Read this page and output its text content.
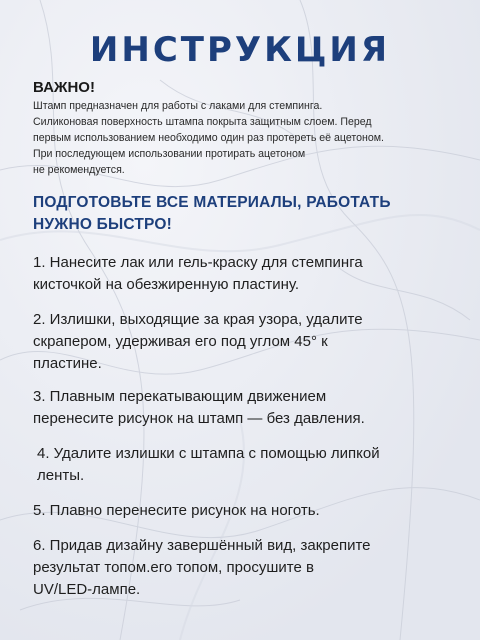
ИНСТРУКЦИЯ
ВАЖНО!
Штамп предназначен для работы с лаками для стемпинга.
Силиконовая поверхность штампа покрыта защитным слоем. Перед
первым использованием необходимо один раз протереть её ацетоном.
При последующем использовании протирать ацетоном
не рекомендуется.
ПОДГОТОВЬТЕ ВСЕ МАТЕРИАЛЫ, РАБОТАТЬ
НУЖНО БЫСТРО!
1. Нанесите лак или гель-краску для стемпинга
кисточкой на обезжиренную пластину.
2. Излишки, выходящие за края узора, удалите
скрапером, удерживая его под углом 45° к
пластине.
3. Плавным перекатывающим движением
перенесите рисунок на штамп — без давления.
4. Удалите излишки с штампа с помощью липкой
ленты.
5. Плавно перенесите рисунок на ноготь.
6. Придав дизайну завершённый вид, закрепите
результат топом.его топом, просушите в
UV/LED-лампе.
